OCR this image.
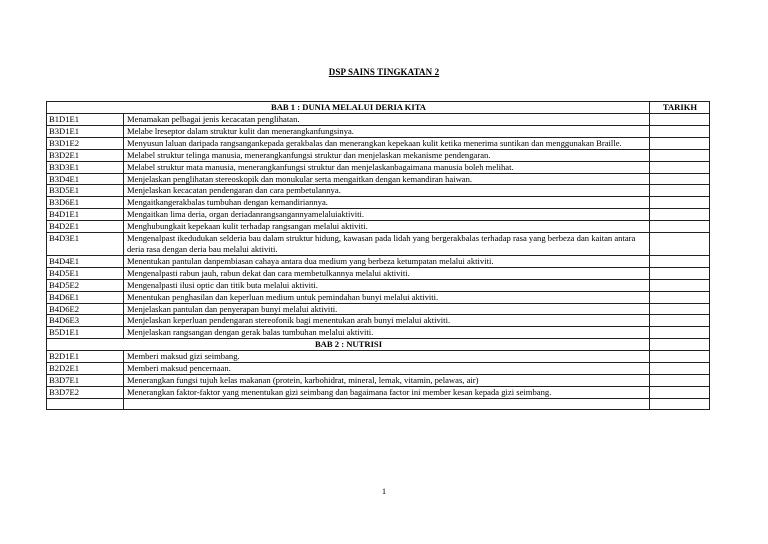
DSP SAINS TINGKATAN 2
BAB 1 : DUNIA MELALUI DERIA KITA		TARIKH
B1D1E1	Menamakan pelbagai jenis kecacatan penglihatan.	
B3D1E1	Melabe lreseptor dalam struktur kulit dan menerangkanfungsinya.	
B3D1E2	Menyusun laluan daripada rangsangankepada gerakbalas dan menerangkan kepekaan kulit ketika menerima suntikan dan menggunakan Braille.	
B3D2E1	Melabel struktur telinga manusia, menerangkanfungsi struktur dan menjelaskan mekanisme pendengaran.	
B3D3E1	Melabel struktur mata manusia, menerangkanfungsi struktur dan menjelaskanbagaimana manusia boleh melihat.	
B3D4E1	Menjelaskan penglihatan stereoskopik dan monukular serta mengaitkan dengan kemandiran haiwan.	
B3D5E1	Menjelaskan kecacatan pendengaran dan cara pembetulannya.	
B3D6E1	Mengaitkangerakbalas tumbuhan dengan kemandiriannya.	
B4D1E1	Mengaitkan lima deria, organ deriadanrangsangannyamelaluiaktiviti.	
B4D2E1	Menghubungkait kepekaan kulit terhadap rangsangan melalui aktiviti.	
B4D3E1	Mengenalpast ikedudukan selderia bau dalam struktur hidung, kawasan pada lidah yang bergerakbalas terhadap rasa yang berbeza dan kaitan antara deria rasa dengan deria bau melalui aktiviti.	
B4D4E1	Menentukan pantulan danpembiasan cahaya antara dua medium yang berbeza ketumpatan melalui aktiviti.	
B4D5E1	Mengenalpasti rabun jauh, rabun dekat dan cara membetulkannya melalui aktiviti.	
B4D5E2	Mengenalpasti ilusi optic dan titik buta melalui aktiviti.	
B4D6E1	Menentukan penghasilan dan keperluan medium untuk pemindahan bunyi melalui aktiviti.	
B4D6E2	Menjelaskan pantulan dan penyerapan bunyi melalui aktiviti.	
B4D6E3	Menjelaskan keperluan pendengaran stereofonik bagi menentukan arah bunyi melalui aktiviti.	
B5D1E1	Menjelaskan rangsangan dengan gerak balas tumbuhan melalui aktiviti.	
BAB 2 : NUTRISI		
B2D1E1	Memberi maksud gizi seimbang.	
B2D2E1	Memberi maksud pencernaan.	
B3D7E1	Menerangkan fungsi tujuh kelas makanan (protein, karbohidrat, mineral, lemak, vitamin, pelawas, air)	
B3D7E2	Menerangkan faktor-faktor yang menentukan gizi seimbang dan bagaimana factor ini member kesan kepada gizi seimbang.	

1
